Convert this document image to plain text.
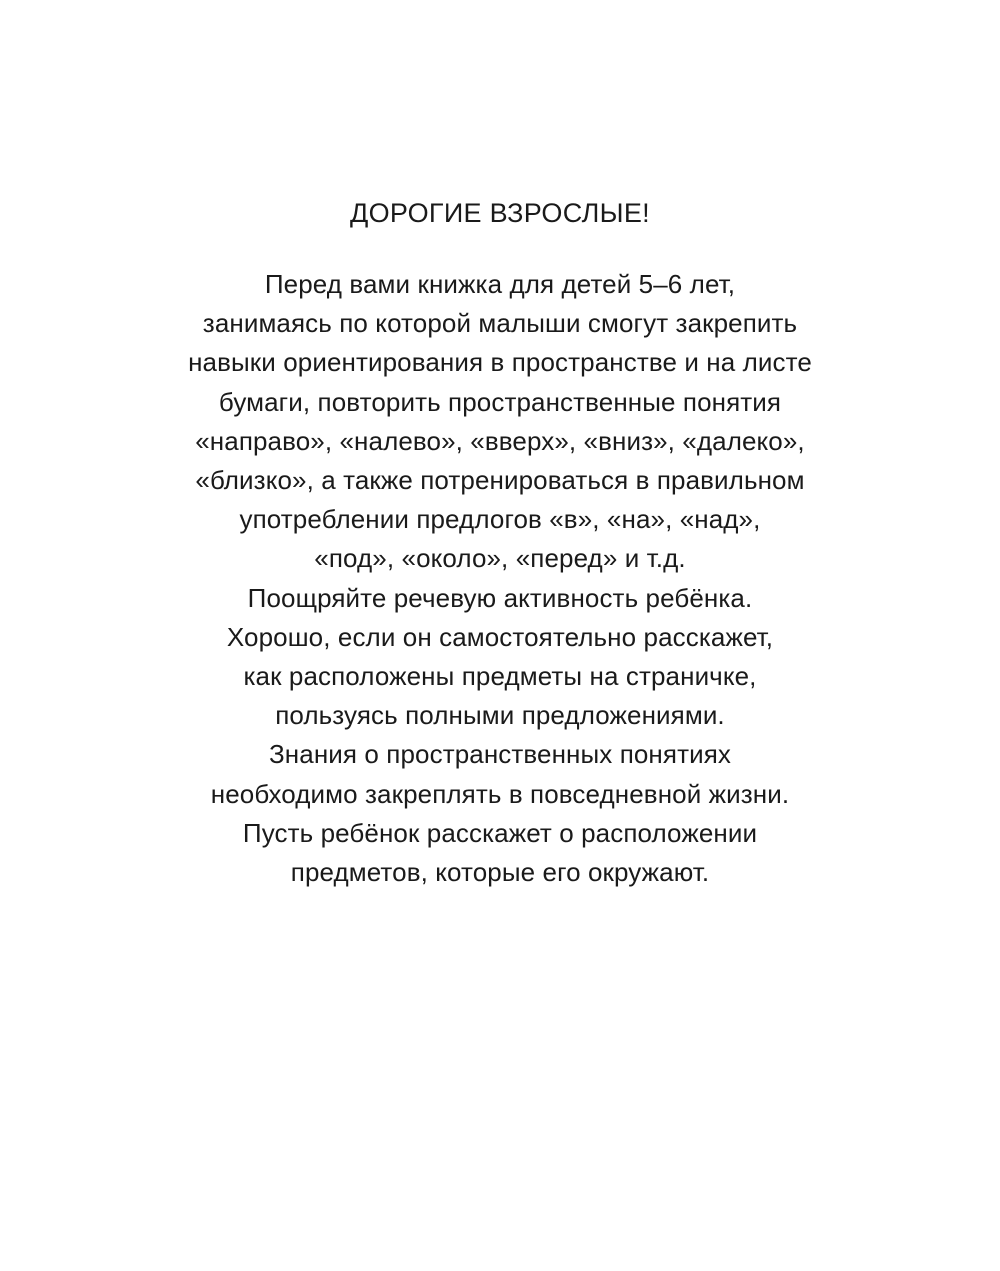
ДОРОГИЕ ВЗРОСЛЫЕ!
Перед вами книжка для детей 5–6 лет,
занимаясь по которой малыши смогут закрепить
навыки ориентирования в пространстве и на листе
бумаги, повторить пространственные понятия
«направо», «налево», «вверх», «вниз», «далеко»,
«близко», а также потренироваться в правильном
употреблении предлогов «в», «на», «над»,
«под», «около», «перед» и т.д.
Поощряйте речевую активность ребёнка.
Хорошо, если он самостоятельно расскажет,
как расположены предметы на страничке,
пользуясь полными предложениями.
Знания о пространственных понятиях
необходимо закреплять в повседневной жизни.
Пусть ребёнок расскажет о расположении
предметов, которые его окружают.
